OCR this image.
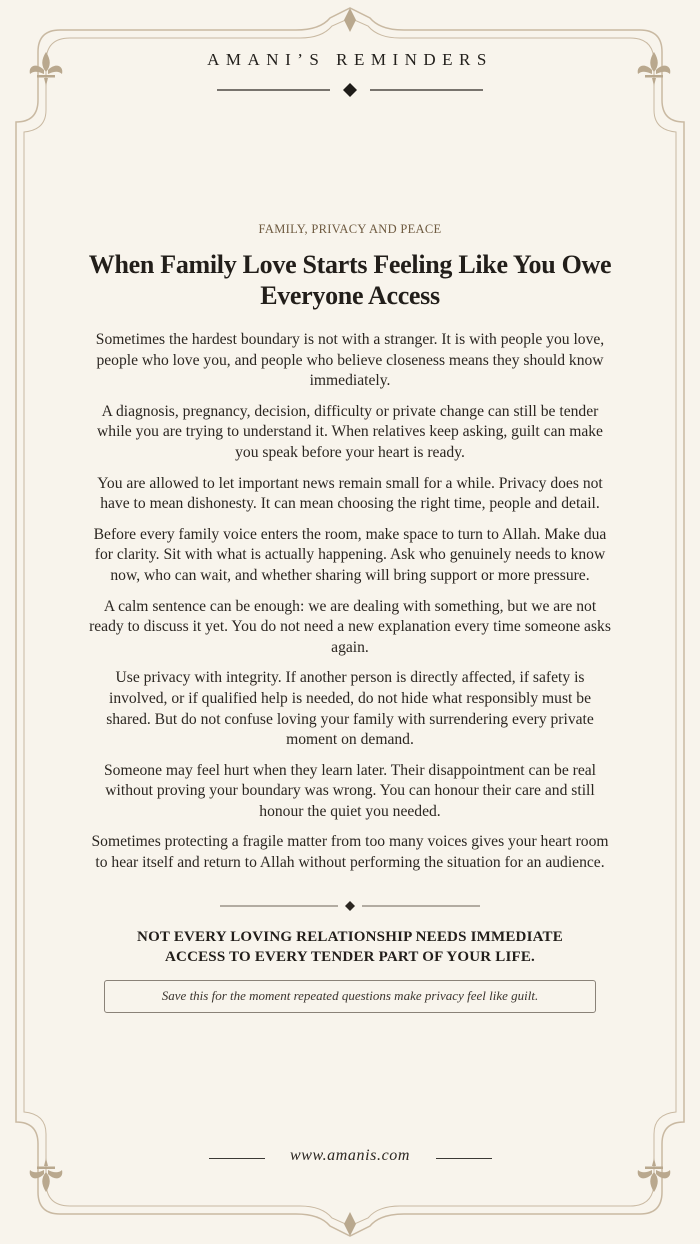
AMANI’S REMINDERS
FAMILY, PRIVACY AND PEACE
When Family Love Starts Feeling Like You Owe Everyone Access

Sometimes the hardest boundary is not with a stranger. It is with people you love, people who love you, and people who believe closeness means they should know immediately.

A diagnosis, pregnancy, decision, difficulty or private change can still be tender while you are trying to understand it. When relatives keep asking, guilt can make you speak before your heart is ready.

You are allowed to let important news remain small for a while. Privacy does not have to mean dishonesty. It can mean choosing the right time, people and detail.

Before every family voice enters the room, make space to turn to Allah. Make dua for clarity. Sit with what is actually happening. Ask who genuinely needs to know now, who can wait, and whether sharing will bring support or more pressure.

A calm sentence can be enough: we are dealing with something, but we are not ready to discuss it yet. You do not need a new explanation every time someone asks again.

Use privacy with integrity. If another person is directly affected, if safety is involved, or if qualified help is needed, do not hide what responsibly must be shared. But do not confuse loving your family with surrendering every private moment on demand.

Someone may feel hurt when they learn later. Their disappointment can be real without proving your boundary was wrong. You can honour their care and still honour the quiet you needed.

Sometimes protecting a fragile matter from too many voices gives your heart room to hear itself and return to Allah without performing the situation for an audience.

NOT EVERY LOVING RELATIONSHIP NEEDS IMMEDIATE ACCESS TO EVERY TENDER PART OF YOUR LIFE.
Save this for the moment repeated questions make privacy feel like guilt.
www.amanis.com
